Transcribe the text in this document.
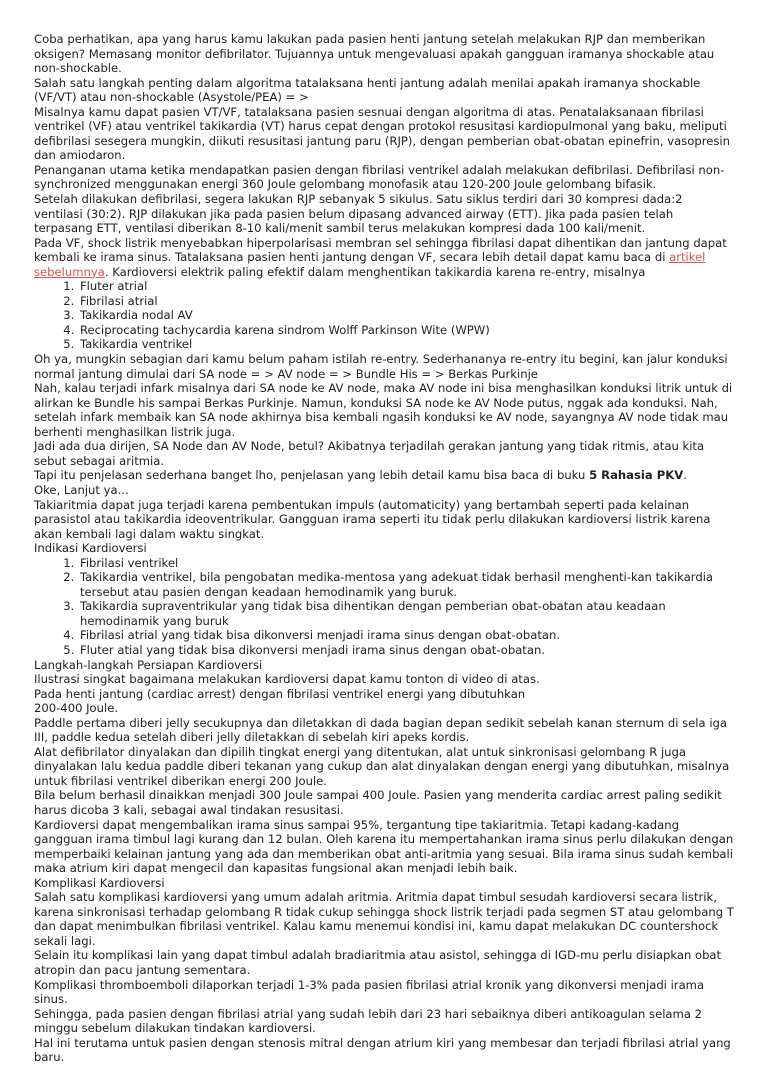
Coba perhatikan, apa yang harus kamu lakukan pada pasien henti jantung setelah melakukan RJP dan memberikan oksigen? Memasang monitor defibrilator. Tujuannya untuk mengevaluasi apakah gangguan iramanya shockable atau non-shockable.

Salah satu langkah penting dalam algoritma tatalaksana henti jantung adalah menilai apakah iramanya shockable (VF/VT) atau non-shockable (Asystole/PEA) = >

Misalnya kamu dapat pasien VT/VF, tatalaksana pasien sesnuai dengan algoritma di atas. Penatalaksanaan fibrilasi ventrikel (VF) atau ventrikel takikardia (VT) harus cepat dengan protokol resusitasi kardiopulmonal yang baku, meliputi defibrilasi sesegera mungkin, diikuti resusitasi jantung paru (RJP), dengan pemberian obat-obatan epinefrin, vasopresin dan amiodaron.

Penanganan utama ketika mendapatkan pasien dengan fibrilasi ventrikel adalah melakukan defibrilasi. Defibrilasi non-synchronized menggunakan energi 360 Joule gelombang monofasik atau 120-200 Joule gelombang bifasik.

Setelah dilakukan defibrilasi, segera lakukan RJP sebanyak 5 sikulus. Satu siklus terdiri dari 30 kompresi dada:2 ventilasi (30:2). RJP dilakukan jika pada pasien belum dipasang advanced airway (ETT). Jika pada pasien telah terpasang ETT, ventilasi diberikan 8-10 kali/menit sambil terus melakukan kompresi dada 100 kali/menit.

Pada VF, shock listrik menyebabkan hiperpolarisasi membran sel sehingga fibrilasi dapat dihentikan dan jantung dapat kembali ke irama sinus. Tatalaksana pasien henti jantung dengan VF, secara lebih detail dapat kamu baca di artikel sebelumnya. Kardioversi elektrik paling efektif dalam menghentikan takikardia karena re-entry, misalnya

1. Fluter atrial
2. Fibrilasi atrial
3. Takikardia nodal AV
4. Reciprocating tachycardia karena sindrom Wolff Parkinson Wite (WPW)
5. Takikardia ventrikel

Oh ya, mungkin sebagian dari kamu belum paham istilah re-entry. Sederhananya re-entry itu begini, kan jalur konduksi normal jantung dimulai dari SA node = > AV node = > Bundle His = > Berkas Purkinje

Nah, kalau terjadi infark misalnya dari SA node ke AV node, maka AV node ini bisa menghasilkan konduksi litrik untuk di alirkan ke Bundle his sampai Berkas Purkinje. Namun, konduksi SA node ke AV Node putus, nggak ada konduksi. Nah, setelah infark membaik kan SA node akhirnya bisa kembali ngasih konduksi ke AV node, sayangnya AV node tidak mau berhenti menghasilkan listrik juga.

Jadi ada dua dirijen, SA Node dan AV Node, betul? Akibatnya terjadilah gerakan jantung yang tidak ritmis, atau kita sebut sebagai aritmia.

Tapi itu penjelasan sederhana banget lho, penjelasan yang lebih detail kamu bisa baca di buku 5 Rahasia PKV.

Oke, Lanjut ya...

Takiaritmia dapat juga terjadi karena pembentukan impuls (automaticity) yang bertambah seperti pada kelainan parasistol atau takikardia ideoventrikular. Gangguan irama seperti itu tidak perlu dilakukan kardioversi listrik karena akan kembali lagi dalam waktu singkat.

Indikasi Kardioversi

1. Fibrilasi ventrikel
2. Takikardia ventrikel, bila pengobatan medika-mentosa yang adekuat tidak berhasil menghenti-kan takikardia tersebut atau pasien dengan keadaan hemodinamik yang buruk.
3. Takikardia supraventrikular yang tidak bisa dihentikan dengan pemberian obat-obatan atau keadaan hemodinamik yang buruk
4. Fibrilasi atrial yang tidak bisa dikonversi menjadi irama sinus dengan obat-obatan.
5. Fluter atial yang tidak bisa dikonversi menjadi irama sinus dengan obat-obatan.

Langkah-langkah Persiapan Kardioversi

Ilustrasi singkat bagaimana melakukan kardioversi dapat kamu tonton di video di atas.

Pada henti jantung (cardiac arrest) dengan fibrilasi ventrikel energi yang dibutuhkan

200-400 Joule.

Paddle pertama diberi jelly secukupnya dan diletakkan di dada bagian depan sedikit sebelah kanan sternum di sela iga III, paddle kedua setelah diberi jelly diletakkan di sebelah kiri apeks kordis.

Alat defibrilator dinyalakan dan dipilih tingkat energi yang ditentukan, alat untuk sinkronisasi gelombang R juga dinyalakan lalu kedua paddle diberi tekanan yang cukup dan alat dinyalakan dengan energi yang dibutuhkan, misalnya untuk fibrilasi ventrikel diberikan energi 200 Joule.

Bila belum berhasil dinaikkan menjadi 300 Joule sampai 400 Joule. Pasien yang menderita cardiac arrest paling sedikit harus dicoba 3 kali, sebagai awal tindakan resusitasi.

Kardioversi dapat mengembalikan irama sinus sampai 95%, tergantung tipe takiaritmia. Tetapi kadang-kadang gangguan irama timbul lagi kurang dan 12 bulan. Oleh karena itu mempertahankan irama sinus perlu dilakukan dengan memperbaiki kelainan jantung yang ada dan memberikan obat anti-aritmia yang sesuai. Bila irama sinus sudah kembali maka atrium kiri dapat mengecil dan kapasitas fungsional akan menjadi lebih baik.

Komplikasi Kardioversi

Salah satu komplikasi kardioversi yang umum adalah aritmia. Aritmia dapat timbul sesudah kardioversi secara listrik, karena sinkronisasi terhadap gelombang R tidak cukup sehingga shock listrik terjadi pada segmen ST atau gelombang T dan dapat menimbulkan fibrilasi ventrikel. Kalau kamu menemui kondisi ini, kamu dapat melakukan DC countershock sekali lagi.

Selain itu komplikasi lain yang dapat timbul adalah bradiaritmia atau asistol, sehingga di IGD-mu perlu disiapkan obat atropin dan pacu jantung sementara.

Komplikasi thromboemboli dilaporkan terjadi 1-3% pada pasien fibrilasi atrial kronik yang dikonversi menjadi irama sinus.

Sehingga, pada pasien dengan fibrilasi atrial yang sudah lebih dari 23 hari sebaiknya diberi antikoagulan selama 2 minggu sebelum dilakukan tindakan kardioversi.

Hal ini terutama untuk pasien dengan stenosis mitral dengan atrium kiri yang membesar dan terjadi fibrilasi atrial yang baru.
